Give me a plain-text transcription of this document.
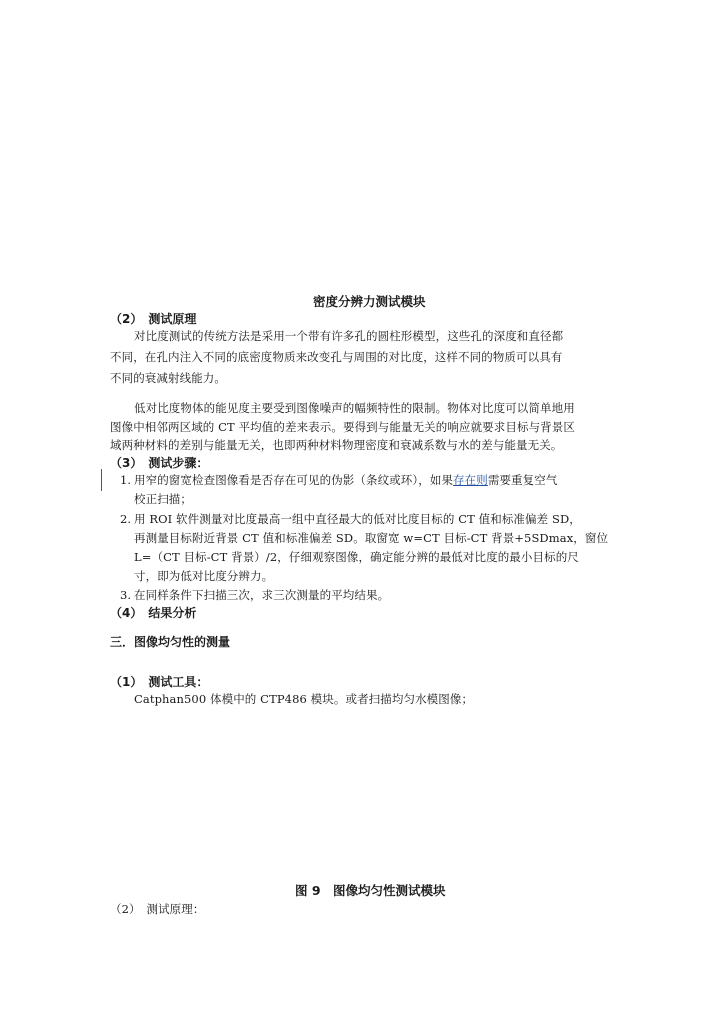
密度分辨力测试模块
（2）　测试原理
对比度测试的传统方法是采用一个带有许多孔的圆柱形模型，这些孔的深度和直径都
不同，在孔内注入不同的底密度物质来改变孔与周围的对比度，这样不同的物质可以具有
不同的衰减射线能力。
低对比度物体的能见度主要受到图像噪声的幅频特性的限制。物体对比度可以简单地用
图像中相邻两区域的 CT 平均值的差来表示。要得到与能量无关的响应就要求目标与背景区
域两种材料的差别与能量无关，也即两种材料物理密度和衰减系数与水的差与能量无关。
（3）　测试步骤：
1. 用窄的窗宽检查图像看是否存在可见的伪影（条纹或环），如果存在则需要重复空气
校正扫描；
2. 用 ROI 软件测量对比度最高一组中直径最大的低对比度目标的 CT 值和标准偏差 SD，
再测量目标附近背景 CT 值和标准偏差 SD。取窗宽 w=CT 目标-CT 背景+5SDmax，窗位
L=（CT 目标-CT 背景）/2，仔细观察图像，确定能分辨的最低对比度的最小目标的尺
寸，即为低对比度分辨力。
3. 在同样条件下扫描三次，求三次测量的平均结果。
（4）　结果分析
三．图像均匀性的测量
（1）　测试工具：
Catphan500 体模中的 CTP486 模块。或者扫描均匀水模图像；
图 9　图像均匀性测试模块
（2）　测试原理：
